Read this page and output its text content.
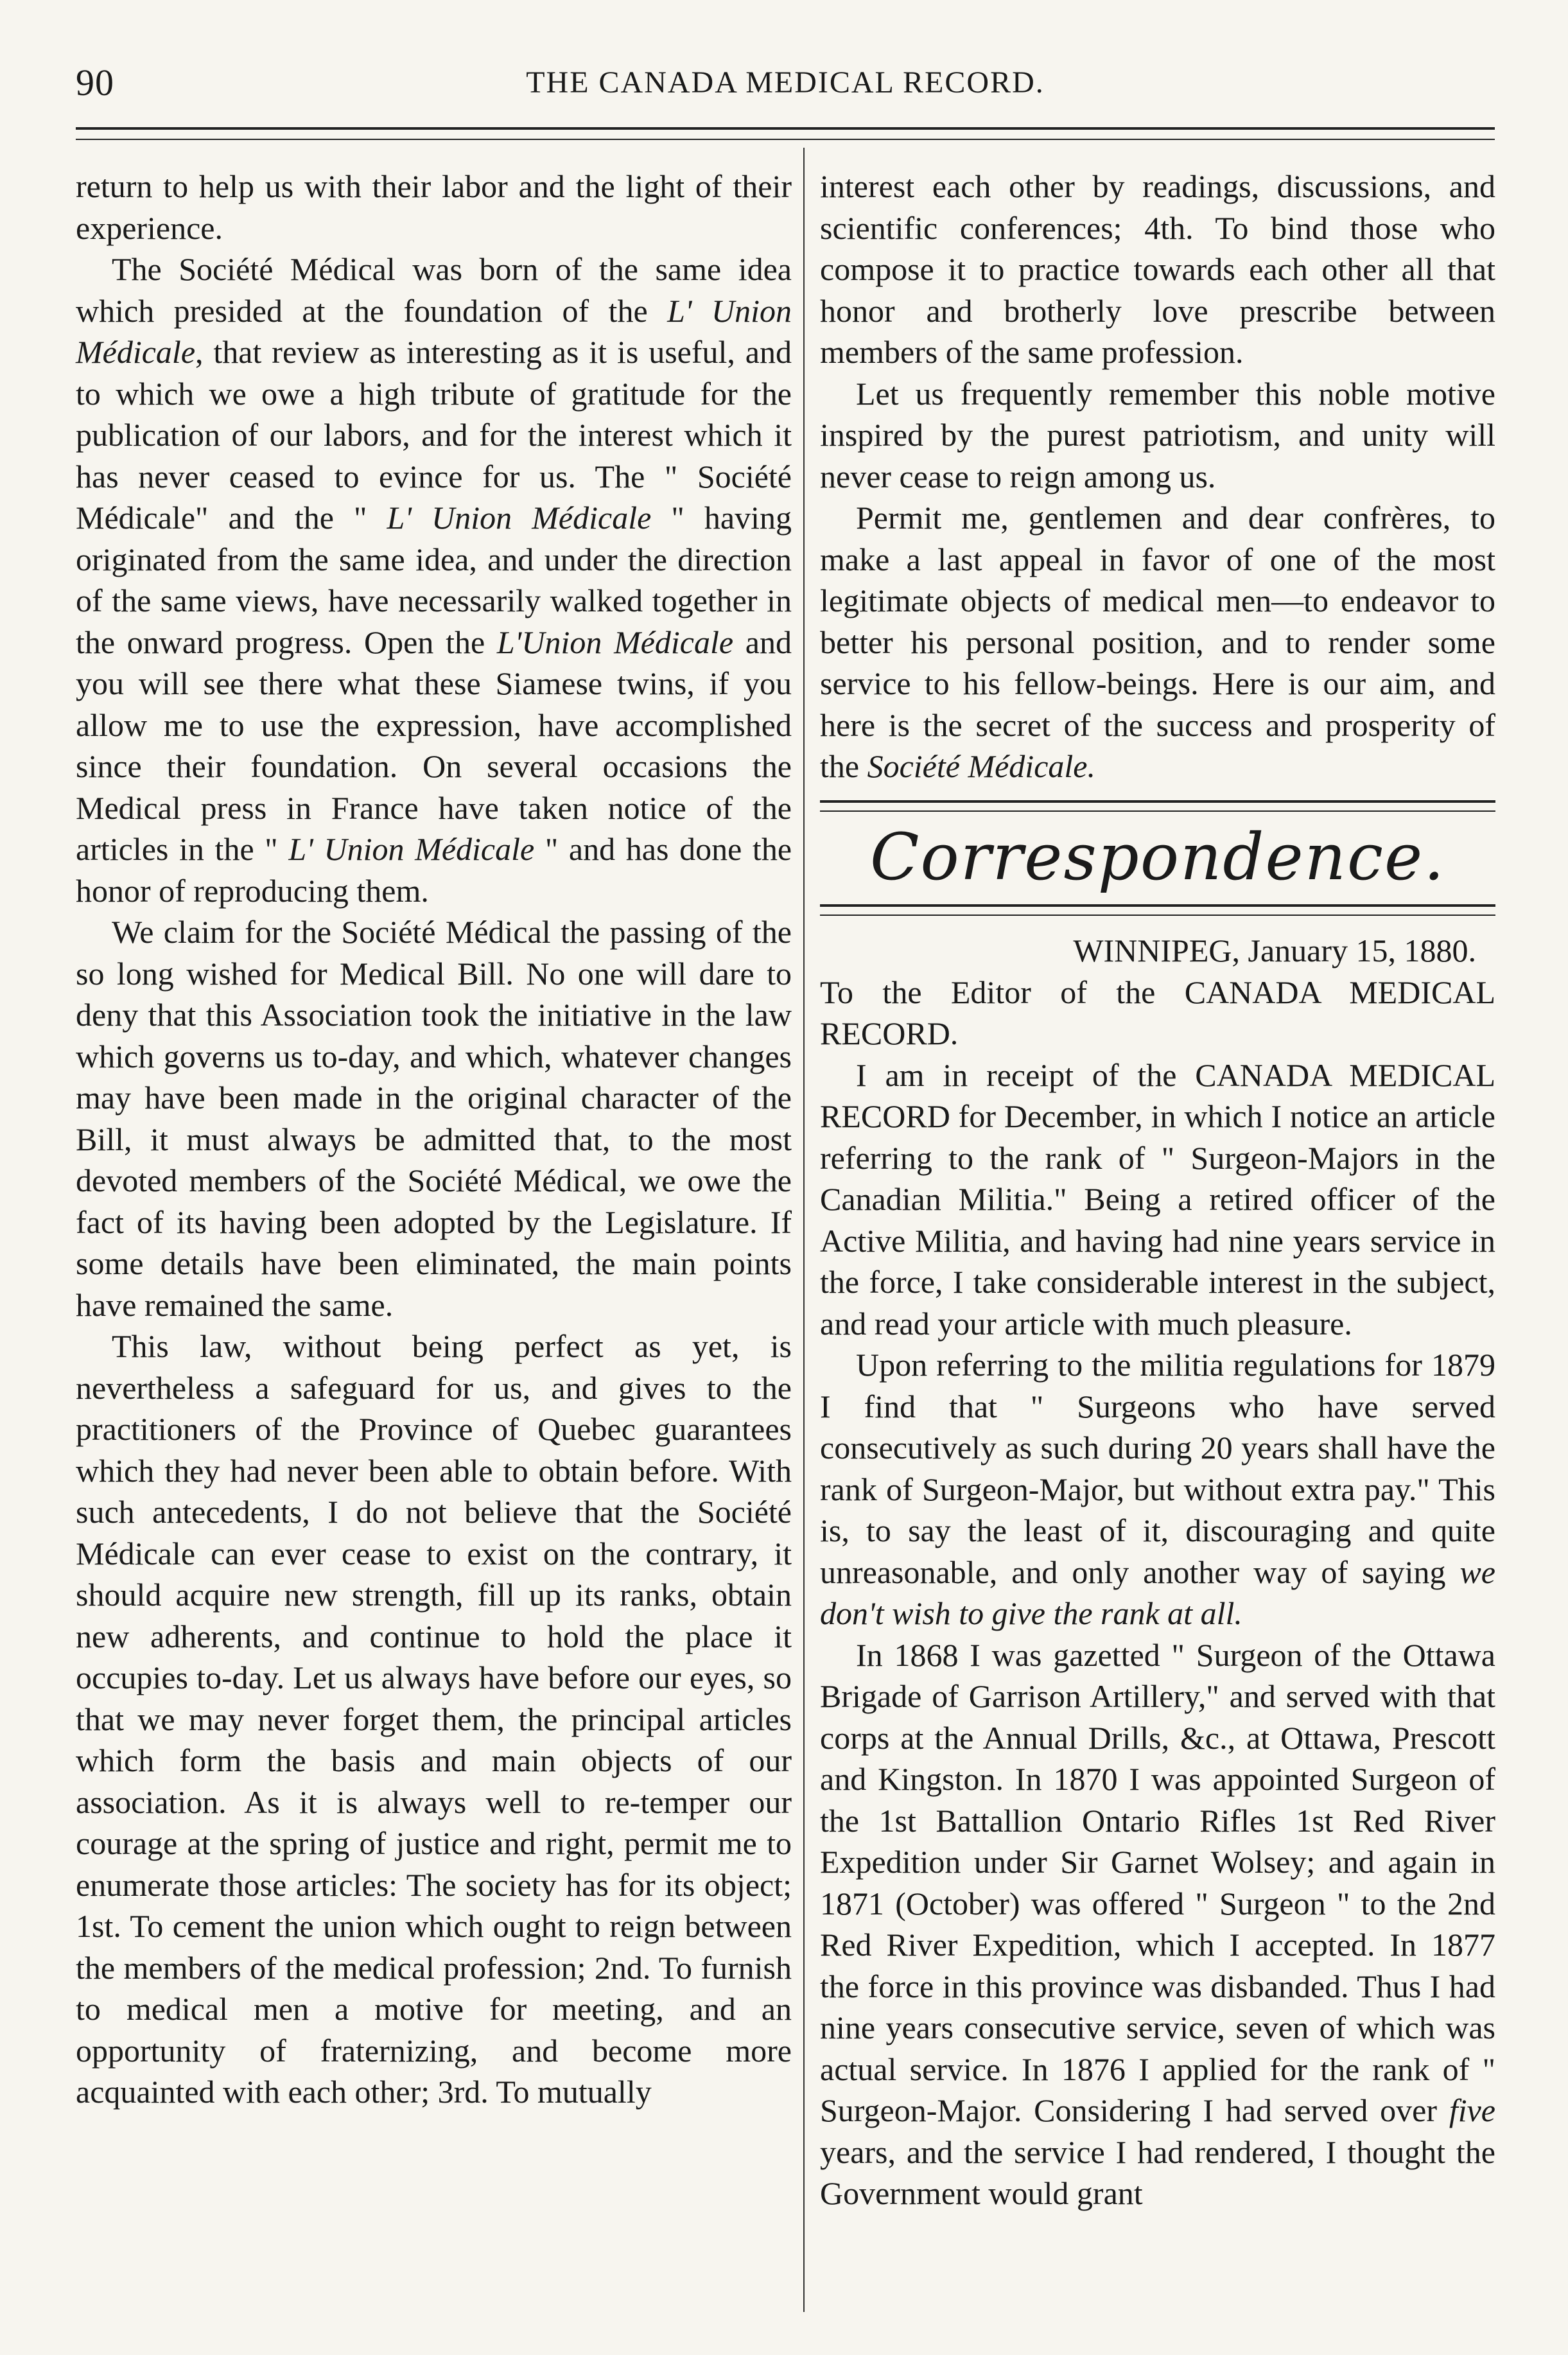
90	THE CANADA MEDICAL RECORD.

return to help us with their labor and the light of their experience.

The Société Médical was born of the same idea which presided at the foundation of the L' Union Médicale, that review as interesting as it is useful, and to which we owe a high tribute of gratitude for the publication of our labors, and for the interest which it has never ceased to evince for us. The " Société Médicale" and the " L' Union Médicale " having originated from the same idea, and under the direction of the same views, have necessarily walked together in the onward progress. Open the L'Union Médicale and you will see there what these Siamese twins, if you allow me to use the expression, have accomplished since their foundation. On several occasions the Medical press in France have taken notice of the articles in the " L' Union Médicale " and has done the honor of reproducing them.

We claim for the Société Médical the passing of the so long wished for Medical Bill. No one will dare to deny that this Association took the initiative in the law which governs us to-day, and which, whatever changes may have been made in the original character of the Bill, it must always be admitted that, to the most devoted members of the Société Médical, we owe the fact of its having been adopted by the Legislature. If some details have been eliminated, the main points have remained the same.

This law, without being perfect as yet, is nevertheless a safeguard for us, and gives to the practitioners of the Province of Quebec guarantees which they had never been able to obtain before. With such antecedents, I do not believe that the Société Médicale can ever cease to exist on the contrary, it should acquire new strength, fill up its ranks, obtain new adherents, and continue to hold the place it occupies to-day. Let us always have before our eyes, so that we may never forget them, the principal articles which form the basis and main objects of our association. As it is always well to re-temper our courage at the spring of justice and right, permit me to enumerate those articles: The society has for its object; 1st. To cement the union which ought to reign between the members of the medical profession; 2nd. To furnish to medical men a motive for meeting, and an opportunity of fraternizing, and become more acquainted with each other; 3rd. To mutually

interest each other by readings, discussions, and scientific conferences; 4th. To bind those who compose it to practice towards each other all that honor and brotherly love prescribe between members of the same profession.

Let us frequently remember this noble motive inspired by the purest patriotism, and unity will never cease to reign among us.

Permit me, gentlemen and dear confrères, to make a last appeal in favor of one of the most legitimate objects of medical men—to endeavor to better his personal position, and to render some service to his fellow-beings. Here is our aim, and here is the secret of the success and prosperity of the Société Médicale.

Correspondence.

WINNIPEG, January 15, 1880.

To the Editor of the CANADA MEDICAL RECORD.

I am in receipt of the CANADA MEDICAL RECORD for December, in which I notice an article referring to the rank of " Surgeon-Majors in the Canadian Militia." Being a retired officer of the Active Militia, and having had nine years service in the force, I take considerable interest in the subject, and read your article with much pleasure.

Upon referring to the militia regulations for 1879 I find that " Surgeons who have served consecutively as such during 20 years shall have the rank of Surgeon-Major, but without extra pay." This is, to say the least of it, discouraging and quite unreasonable, and only another way of saying we don't wish to give the rank at all.

In 1868 I was gazetted " Surgeon of the Ottawa Brigade of Garrison Artillery," and served with that corps at the Annual Drills, &c., at Ottawa, Prescott and Kingston. In 1870 I was appointed Surgeon of the 1st Battallion Ontario Rifles 1st Red River Expedition under Sir Garnet Wolsey; and again in 1871 (October) was offered " Surgeon " to the 2nd Red River Expedition, which I accepted. In 1877 the force in this province was disbanded. Thus I had nine years consecutive service, seven of which was actual service. In 1876 I applied for the rank of " Surgeon-Major. Considering I had served over five years, and the service I had rendered, I thought the Government would grant
